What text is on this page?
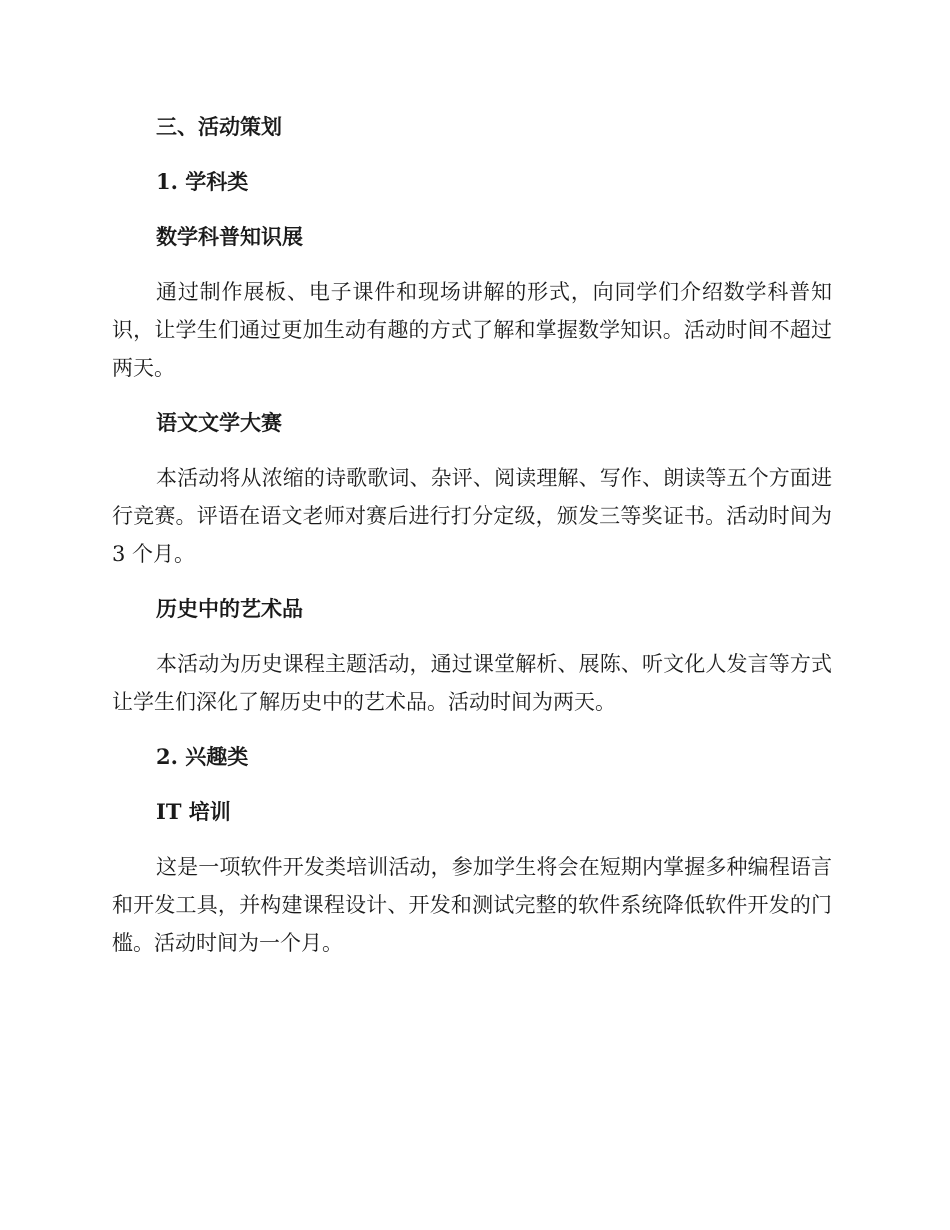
三、活动策划
1. 学科类
数学科普知识展

通过制作展板、电子课件和现场讲解的形式，向同学们介绍数学科普知识，让学生们通过更加生动有趣的方式了解和掌握数学知识。活动时间不超过两天。

语文文学大赛

本活动将从浓缩的诗歌歌词、杂评、阅读理解、写作、朗读等五个方面进行竞赛。评语在语文老师对赛后进行打分定级，颁发三等奖证书。活动时间为 3 个月。

历史中的艺术品

本活动为历史课程主题活动，通过课堂解析、展陈、听文化人发言等方式让学生们深化了解历史中的艺术品。活动时间为两天。

2. 兴趣类
IT 培训

这是一项软件开发类培训活动，参加学生将会在短期内掌握多种编程语言和开发工具，并构建课程设计、开发和测试完整的软件系统降低软件开发的门槛。活动时间为一个月。
